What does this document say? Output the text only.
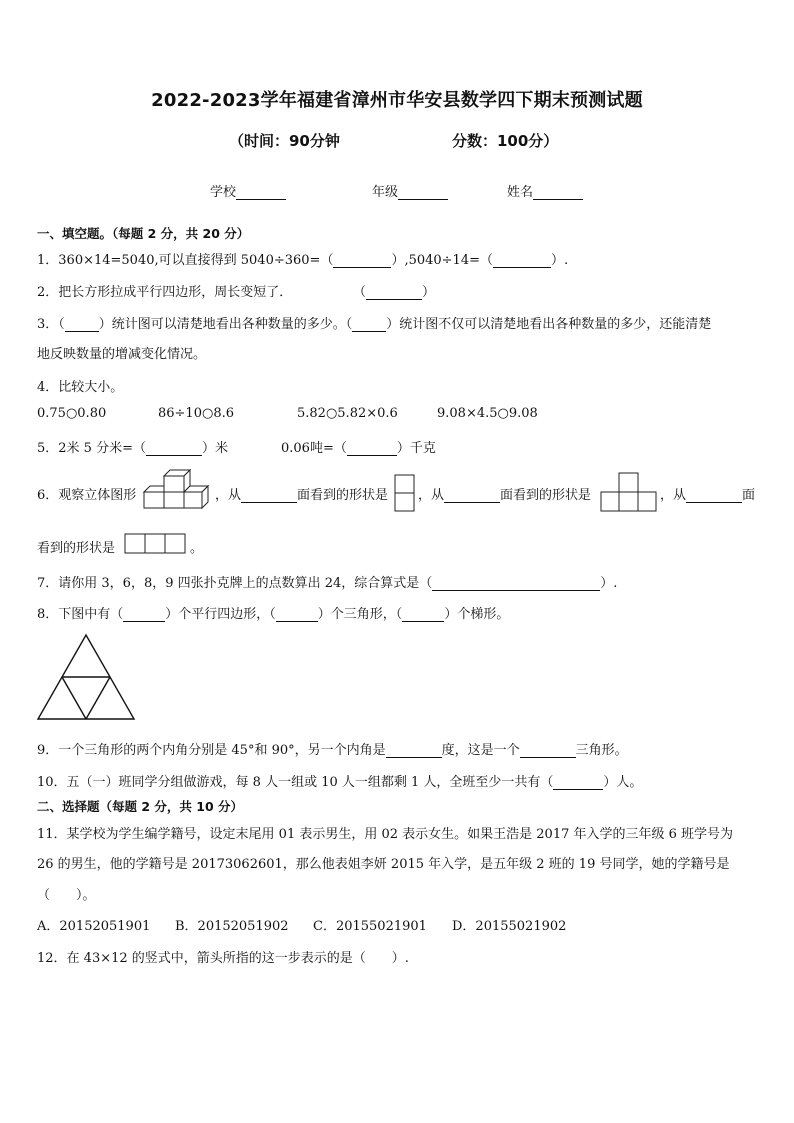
2022-2023学年福建省漳州市华安县数学四下期末预测试题
（时间：90分钟	分数：100分）
学校	年级	姓名
一、填空题。（每题 2 分，共 20 分）
1．360×14=5040,可以直接得到 5040÷360=（	）,5040÷14=（	）.
2．把长方形拉成平行四边形，周长变短了．	（	）
3．（	）统计图可以清楚地看出各种数量的多少。（	）统计图不仅可以清楚地看出各种数量的多少，还能清楚
地反映数量的增减变化情况。
4．比较大小。
0.75○0.80	86÷10○8.6	5.82○5.82×0.6	9.08×4.5○9.08
5．2米 5 分米=（	）米	0.06吨=（	）千克
6．观察立体图形	，从	面看到的形状是 ，从	面看到的形状是	，从	面
看到的形状是	。
7．请你用 3，6，8，9 四张扑克牌上的点数算出 24，综合算式是（	）.
8．下图中有（	）个平行四边形，（	）个三角形，（	）个梯形。
9．一个三角形的两个内角分别是 45°和 90°，另一个内角是	度，这是一个	三角形。
10．五（一）班同学分组做游戏，每 8 人一组或 10 人一组都剩 1 人，全班至少一共有（	）人。
二、选择题（每题 2 分，共 10 分）
11．某学校为学生编学籍号，设定末尾用 01 表示男生，用 02 表示女生。如果王浩是 2017 年入学的三年级 6 班学号为
26 的男生，他的学籍号是 20173062601，那么他表姐李妍 2015 年入学，是五年级 2 班的 19 号同学，她的学籍号是
（　　）。
A．20152051901 B．20152051902 C．20155021901 D．20155021902
12．在 43×12 的竖式中，箭头所指的这一步表示的是（　　）.
